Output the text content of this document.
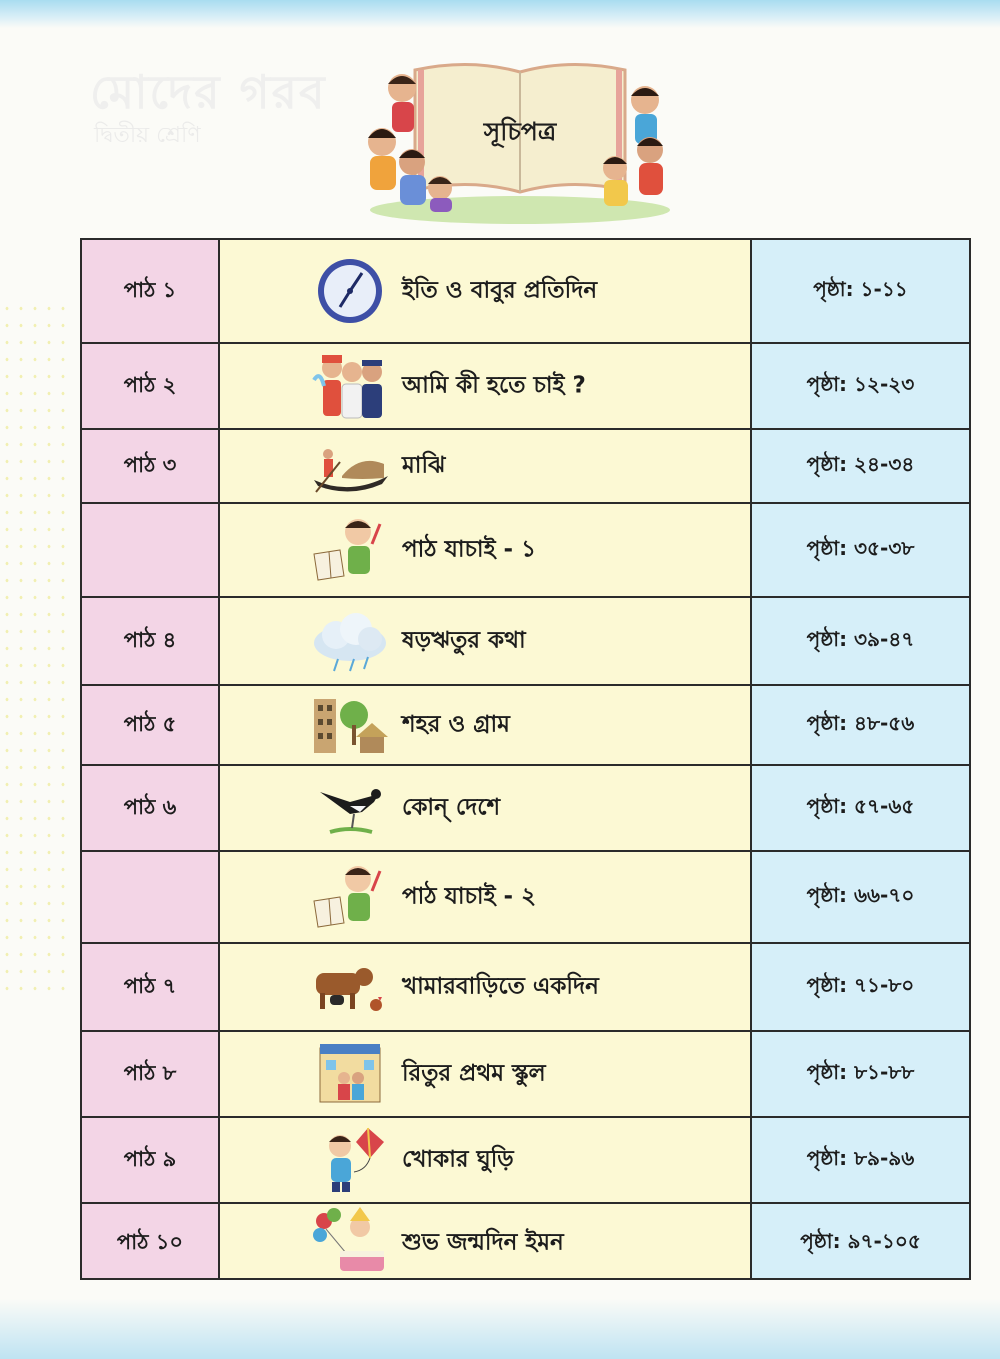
মোদের গরব
দ্বিতীয় শ্রেণি	সূচিপত্র
পাঠ ১
পাঠ ২
পাঠ ৩
পাঠ ৪
পাঠ ৫
পাঠ ৬
পাঠ ৭
পাঠ ৮
পাঠ ৯
পাঠ ১০
ইতি ও বাবুর প্রতিদিন
আমি কী হতে চাই ?
মাঝি
পাঠ যাচাই - ১
ষড়ঋতুর কথা
শহর ও গ্রাম
কোন্ দেশে
পাঠ যাচাই - ২
খামারবাড়িতে একদিন
রিতুর প্রথম স্কুল
খোকার ঘুড়ি
শুভ জন্মদিন ইমন
পৃষ্ঠা: ১-১১
পৃষ্ঠা: ১২-২৩
পৃষ্ঠা: ২৪-৩৪
পৃষ্ঠা: ৩৫-৩৮
পৃষ্ঠা: ৩৯-৪৭
পৃষ্ঠা: ৪৮-৫৬
পৃষ্ঠা: ৫৭-৬৫
পৃষ্ঠা: ৬৬-৭০
পৃষ্ঠা: ৭১-৮০
পৃষ্ঠা: ৮১-৮৮
পৃষ্ঠা: ৮৯-৯৬
পৃষ্ঠা: ৯৭-১০৫
